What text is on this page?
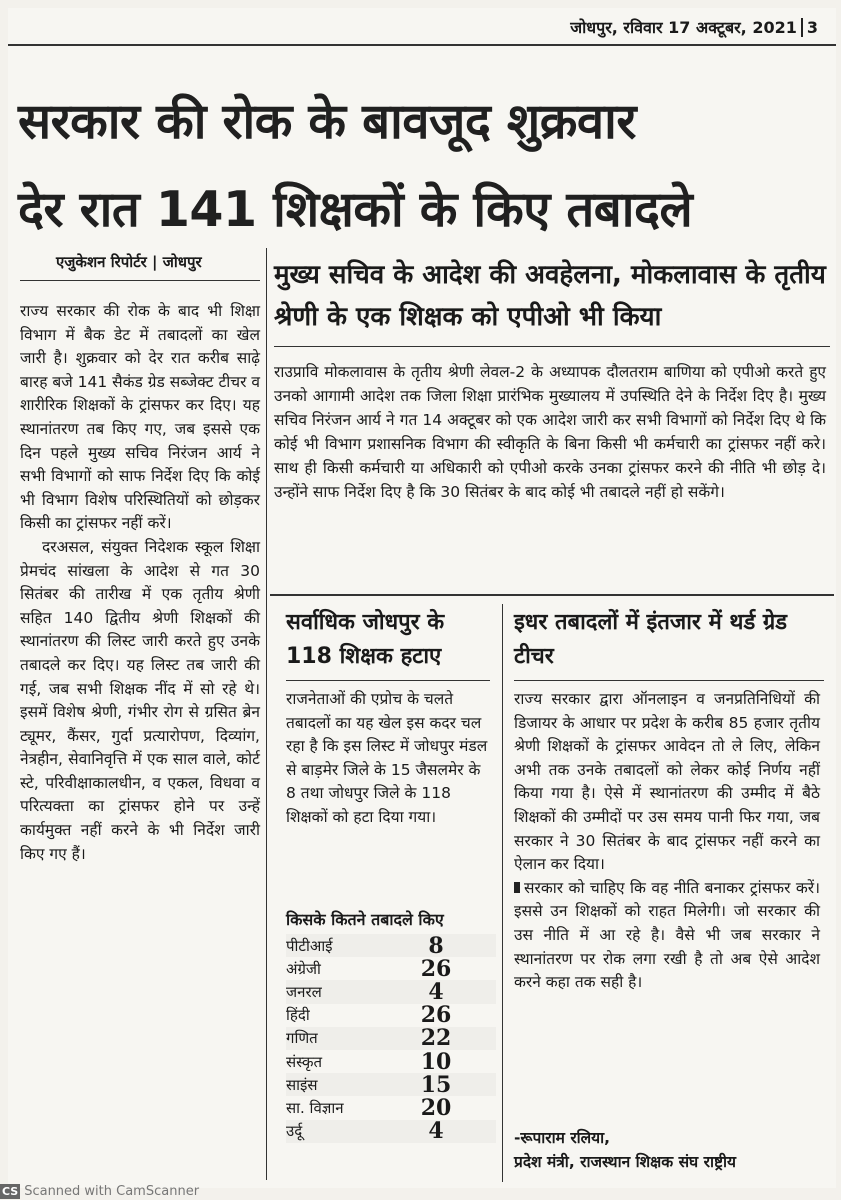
जोधपुर, रविवार 17 अक्टूबर, 2021 3
सरकार की रोक के बावजूद शुक्रवार
देर रात 141 शिक्षकों के किए तबादले
एजुकेशन रिपोर्टर | जोधपुर

राज्य सरकार की रोक के बाद भी शिक्षा विभाग में बैक डेट में तबादलों का खेल जारी है। शुक्रवार को देर रात करीब साढ़े बारह बजे 141 सैकंड ग्रेड सब्जेक्ट टीचर व शारीरिक शिक्षकों के ट्रांसफर कर दिए। यह स्थानांतरण तब किए गए, जब इससे एक दिन पहले मुख्य सचिव निरंजन आर्य ने सभी विभागों को साफ निर्देश दिए कि कोई भी विभाग विशेष परिस्थितियों को छोड़कर किसी का ट्रांसफर नहीं करें।

दरअसल, संयुक्त निदेशक स्कूल शिक्षा प्रेमचंद सांखला के आदेश से गत 30 सितंबर की तारीख में एक तृतीय श्रेणी सहित 140 द्वितीय श्रेणी शिक्षकों की स्थानांतरण की लिस्ट जारी करते हुए उनके तबादले कर दिए। यह लिस्ट तब जारी की गई, जब सभी शिक्षक नींद में सो रहे थे। इसमें विशेष श्रेणी, गंभीर रोग से ग्रसित ब्रेन ट्यूमर, कैंसर, गुर्दा प्रत्यारोपण, दिव्यांग, नेत्रहीन, सेवानिवृत्ति में एक साल वाले, कोर्ट स्टे, परिवीक्षाकालधीन, व एकल, विधवा व परित्यक्ता का ट्रांसफर होने पर उन्हें कार्यमुक्त नहीं करने के भी निर्देश जारी किए गए हैं।

मुख्य सचिव के आदेश की अवहेलना, मोकलावास के तृतीय श्रेणी के एक शिक्षक को एपीओ भी किया
राउप्रावि मोकलावास के तृतीय श्रेणी लेवल-2 के अध्यापक दौलतराम बाणिया को एपीओ करते हुए उनको आगामी आदेश तक जिला शिक्षा प्रारंभिक मुख्यालय में उपस्थिति देने के निर्देश दिए है। मुख्य सचिव निरंजन आर्य ने गत 14 अक्टूबर को एक आदेश जारी कर सभी विभागों को निर्देश दिए थे कि कोई भी विभाग प्रशासनिक विभाग की स्वीकृति के बिना किसी भी कर्मचारी का ट्रांसफर नहीं करे। साथ ही किसी कर्मचारी या अधिकारी को एपीओ करके उनका ट्रांसफर करने की नीति भी छोड़ दे। उन्होंने साफ निर्देश दिए है कि 30 सितंबर के बाद कोई भी तबादले नहीं हो सकेंगे।
सर्वाधिक जोधपुर के 118 शिक्षक हटाए
राजनेताओं की एप्रोच के चलते तबादलों का यह खेल इस कदर चल रहा है कि इस लिस्ट में जोधपुर मंडल से बाड़मेर जिले के 15 जैसलमेर के 8 तथा जोधपुर जिले के 118 शिक्षकों को हटा दिया गया।
किसके कितने तबादले किए
पीटीआई	8
अंग्रेजी	26
जनरल	4
हिंदी	26
गणित	22
संस्कृत	10
साइंस	15
सा. विज्ञान	20
उर्दू	4
इधर तबादलों में इंतजार में थर्ड ग्रेड टीचर

राज्य सरकार द्वारा ऑनलाइन व जनप्रतिनिधियों की डिजायर के आधार पर प्रदेश के करीब 85 हजार तृतीय श्रेणी शिक्षकों के ट्रांसफर आवेदन तो ले लिए, लेकिन अभी तक उनके तबादलों को लेकर कोई निर्णय नहीं किया गया है। ऐसे में स्थानांतरण की उम्मीद में बैठे शिक्षकों की उम्मीदों पर उस समय पानी फिर गया, जब सरकार ने 30 सितंबर के बाद ट्रांसफर नहीं करने का ऐलान कर दिया।

सरकार को चाहिए कि वह नीति बनाकर ट्रांसफर करें। इससे उन शिक्षकों को राहत मिलेगी। जो सरकार की उस नीति में आ रहे है। वैसे भी जब सरकार ने स्थानांतरण पर रोक लगा रखी है तो अब ऐसे आदेश करने कहा तक सही है।

-रूपाराम रलिया,
प्रदेश मंत्री, राजस्थान शिक्षक संघ राष्ट्रीय
CS Scanned with CamScanner
